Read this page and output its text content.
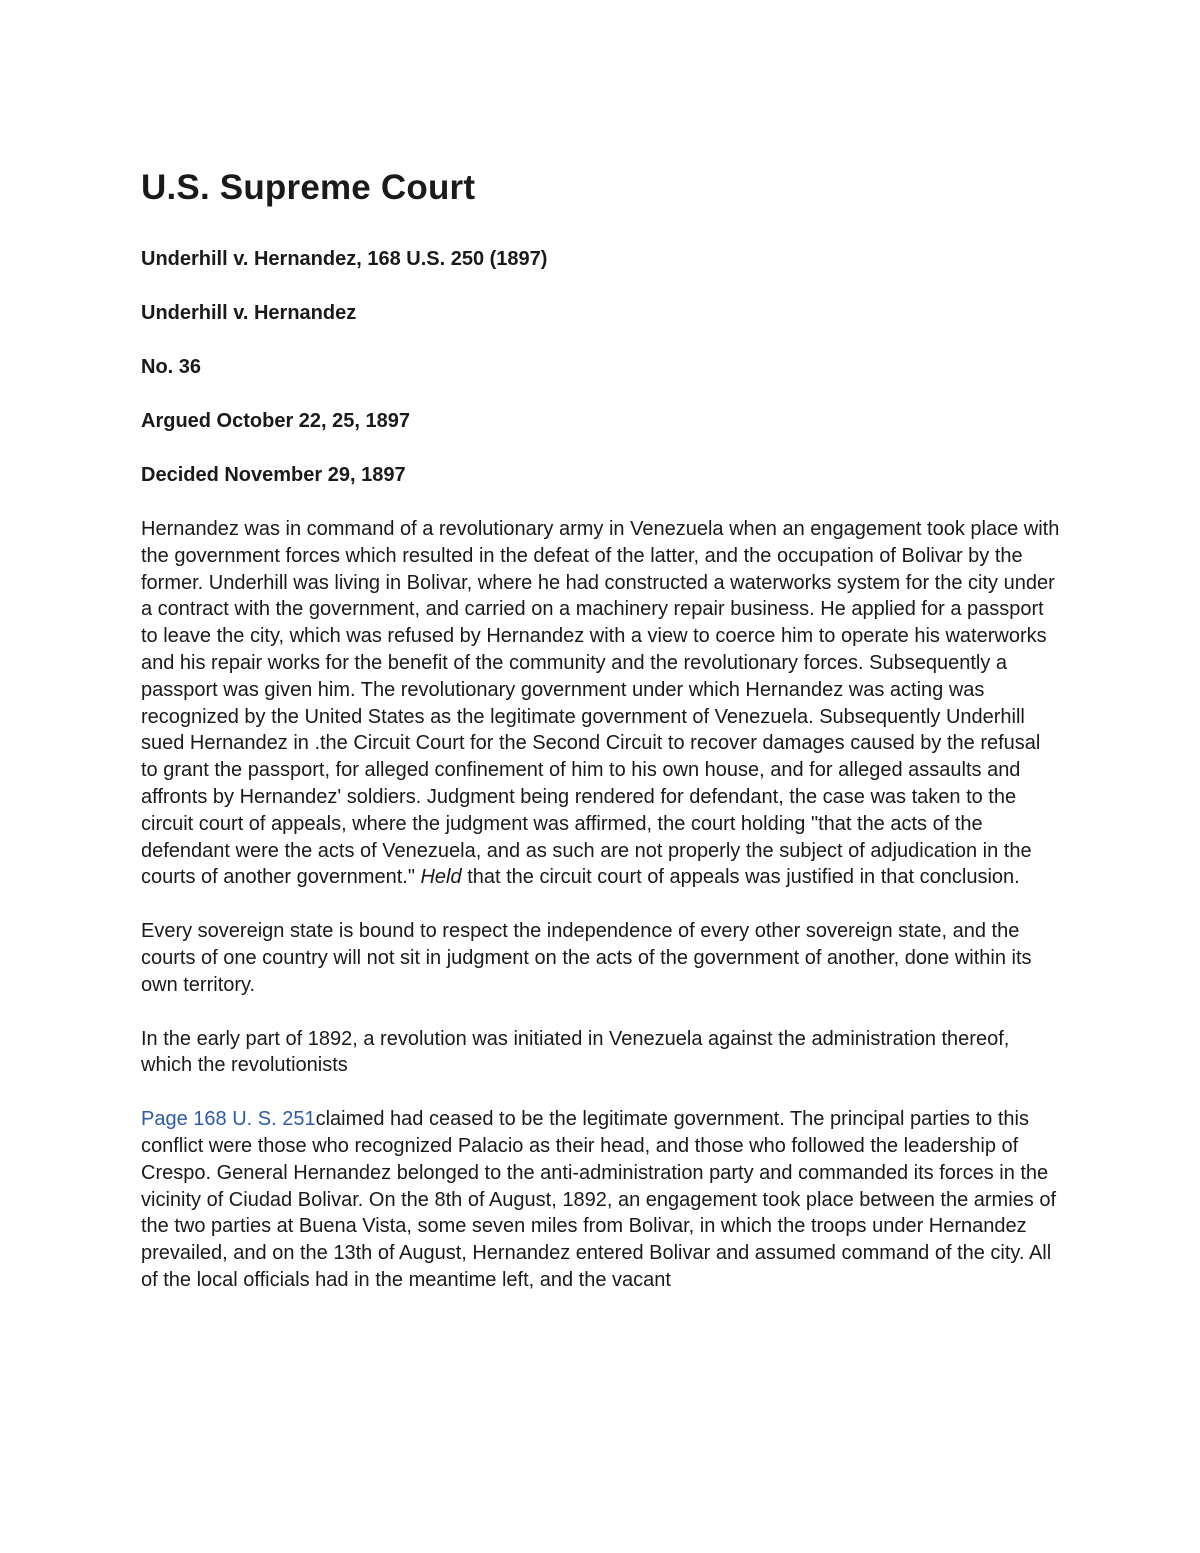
U.S. Supreme Court

Underhill v. Hernandez, 168 U.S. 250 (1897)

Underhill v. Hernandez

No. 36

Argued October 22, 25, 1897

Decided November 29, 1897

Hernandez was in command of a revolutionary army in Venezuela when an engagement took place with the government forces which resulted in the defeat of the latter, and the occupation of Bolivar by the former. Underhill was living in Bolivar, where he had constructed a waterworks system for the city under a contract with the government, and carried on a machinery repair business. He applied for a passport to leave the city, which was refused by Hernandez with a view to coerce him to operate his waterworks and his repair works for the benefit of the community and the revolutionary forces. Subsequently a passport was given him. The revolutionary government under which Hernandez was acting was recognized by the United States as the legitimate government of Venezuela. Subsequently Underhill sued Hernandez in .the Circuit Court for the Second Circuit to recover damages caused by the refusal to grant the passport, for alleged confinement of him to his own house, and for alleged assaults and affronts by Hernandez' soldiers. Judgment being rendered for defendant, the case was taken to the circuit court of appeals, where the judgment was affirmed, the court holding "that the acts of the defendant were the acts of Venezuela, and as such are not properly the subject of adjudication in the courts of another government." Held that the circuit court of appeals was justified in that conclusion.

Every sovereign state is bound to respect the independence of every other sovereign state, and the courts of one country will not sit in judgment on the acts of the government of another, done within its own territory.

In the early part of 1892, a revolution was initiated in Venezuela against the administration thereof, which the revolutionists

Page 168 U. S. 251claimed had ceased to be the legitimate government. The principal parties to this conflict were those who recognized Palacio as their head, and those who followed the leadership of Crespo. General Hernandez belonged to the anti-administration party and commanded its forces in the vicinity of Ciudad Bolivar. On the 8th of August, 1892, an engagement took place between the armies of the two parties at Buena Vista, some seven miles from Bolivar, in which the troops under Hernandez prevailed, and on the 13th of August, Hernandez entered Bolivar and assumed command of the city. All of the local officials had in the meantime left, and the vacant
